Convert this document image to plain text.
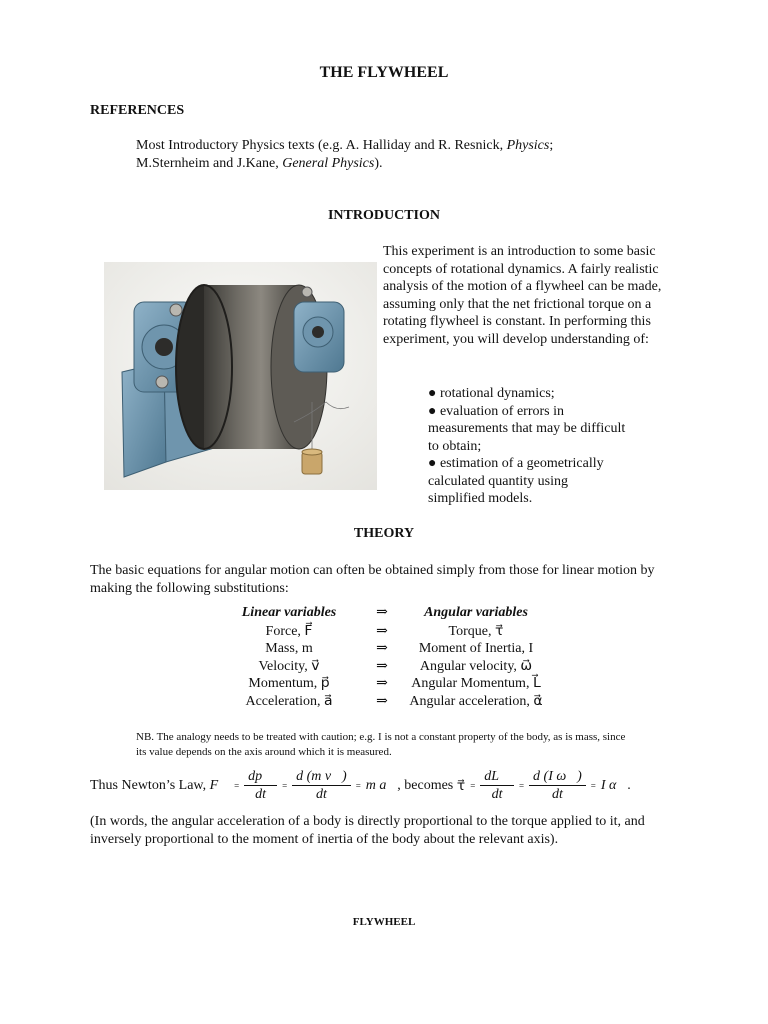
THE FLYWHEEL
REFERENCES
Most Introductory Physics texts (e.g. A. Halliday and R. Resnick, Physics;
M.Sternheim and J.Kane, General Physics).
INTRODUCTION
This experiment is an introduction to some basic concepts of rotational dynamics. A fairly realistic analysis of the motion of a flywheel can be made, assuming only that the net frictional torque on a rotating flywheel is constant. In performing this experiment, you will develop understanding of:
● rotational dynamics;
● evaluation of errors in measurements that may be difficult to obtain;
● estimation of a geometrically calculated quantity using simplified models.
THEORY
The basic equations for angular motion can often be obtained simply from those for linear motion by making the following substitutions:
Linear variables	⇒	Angular variables
Force, F⃗	⇒	Torque, τ⃗
Mass, m	⇒	Moment of Inertia, I
Velocity, v⃗	⇒	Angular velocity, ω⃗
Momentum, p⃗	⇒	Angular Momentum, L⃗
Acceleration, a⃗	⇒	Angular acceleration, α⃗
NB. The analogy needs to be treated with caution; e.g. I is not a constant property of the body, as is mass, since its value depends on the axis around which it is measured.
Thus Newton’s Law,
F⃗ = $\frac{dp⃗}{dt} = \frac{\text{d (m v⃗)}}{dt} = m$ a⃗ , becomes
τ⃗ = $\frac{dL⃗}{dt} = \frac{\text{d (I ω⃗)}}{dt} = I$ α⃗ .
(In words, the angular acceleration of a body is directly proportional to the torque applied to it, and inversely proportional to the moment of inertia of the body about the relevant axis).
FLYWHEEL
